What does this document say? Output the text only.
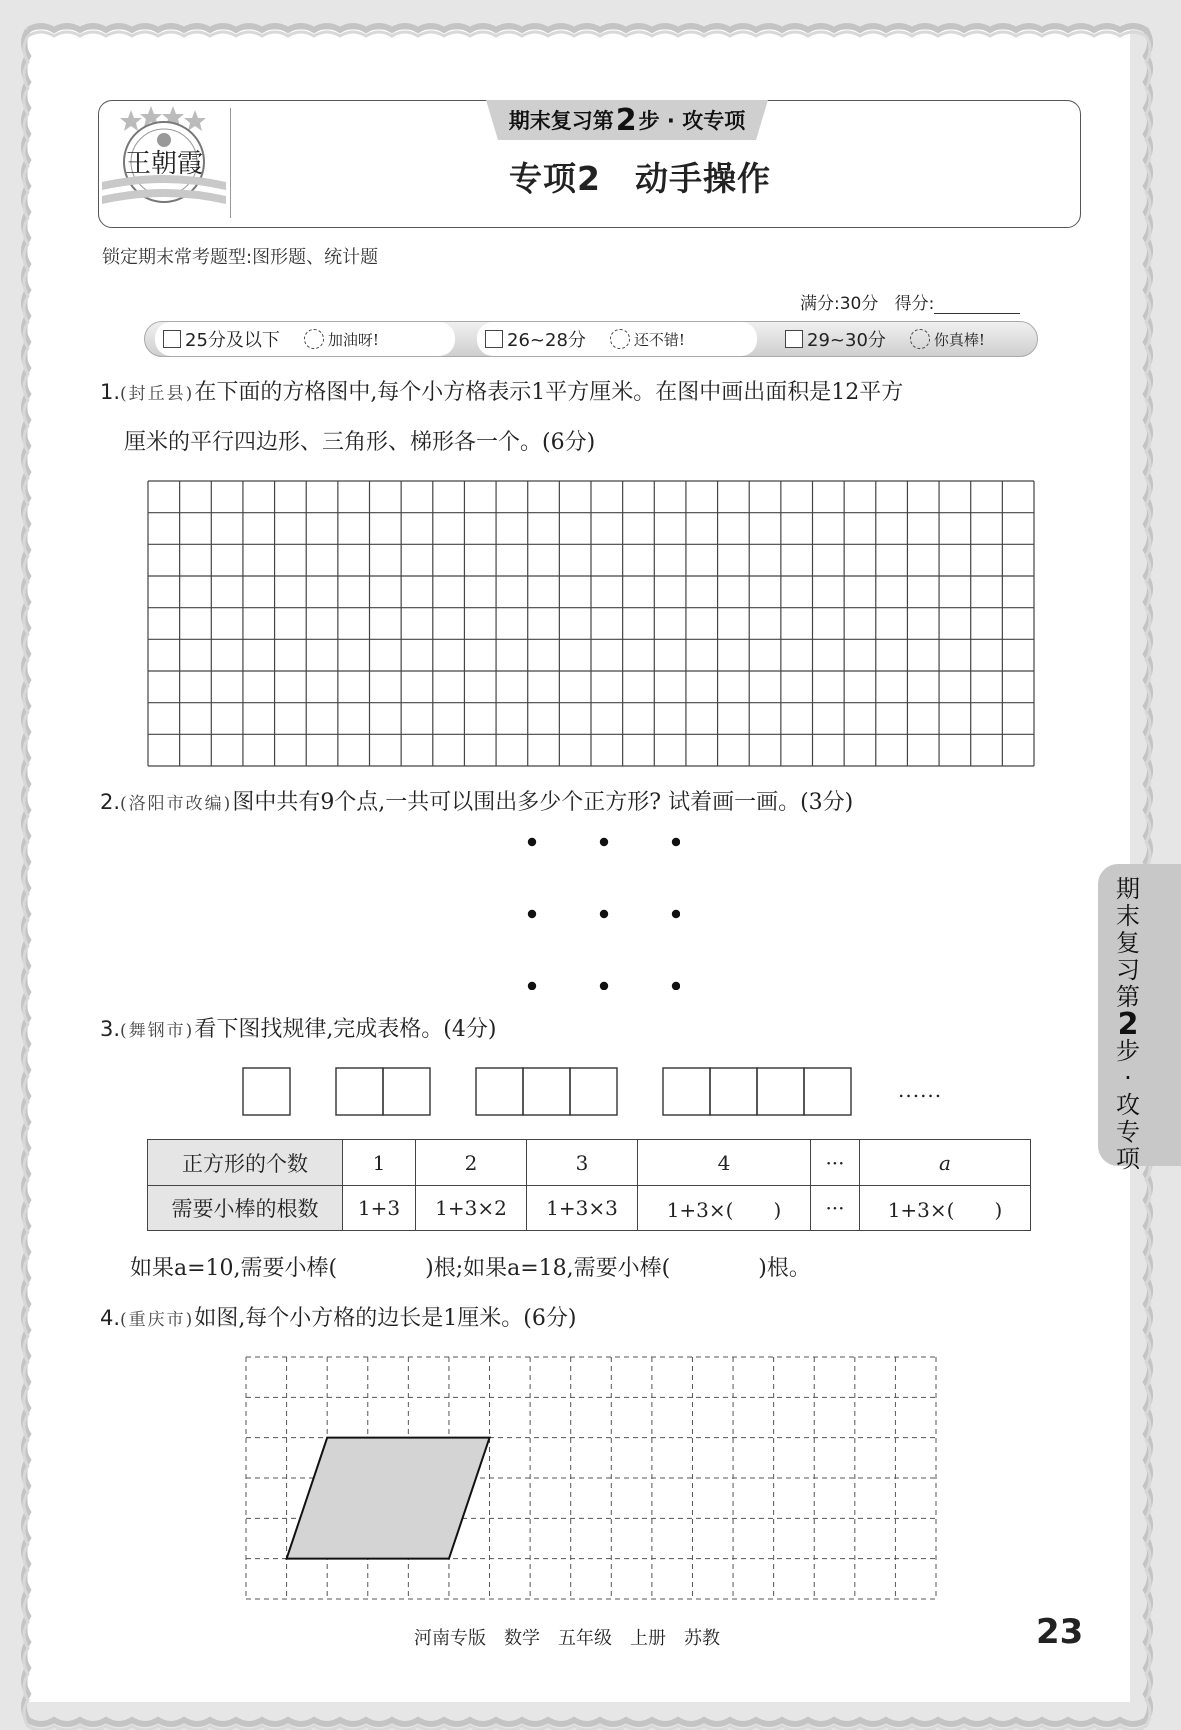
王朝霞
期末复习第 2 步 · 攻专项
专项2　动手操作
锁定期末常考题型:图形题、统计题
满分:30分 得分:
25分及以下	加油呀!	26~28分	还不错!	29~30分	你真棒!
1.(封丘县)在下面的方格图中,每个小方格表示1平方厘米。在图中画出面积是12平方
厘米的平行四边形、三角形、梯形各一个。(6分)
2.(洛阳市改编)图中共有9个点,一共可以围出多少个正方形? 试着画一画。(3分)
3.(舞钢市)看下图找规律,完成表格。(4分)
......
正方形的个数	1	2	3	4	···	a
需要小棒的根数	1+3	1+3×2	1+3×3	1+3×(　　)	···	1+3×(　　)
如果a=10,需要小棒(　　　　)根;如果a=18,需要小棒(　　　　)根。
4.(重庆市)如图,每个小方格的边长是1厘米。(6分)
期
末
复
习
第
2
步
·
攻
专
项
河南专版　数学　五年级　上册　苏教	23
